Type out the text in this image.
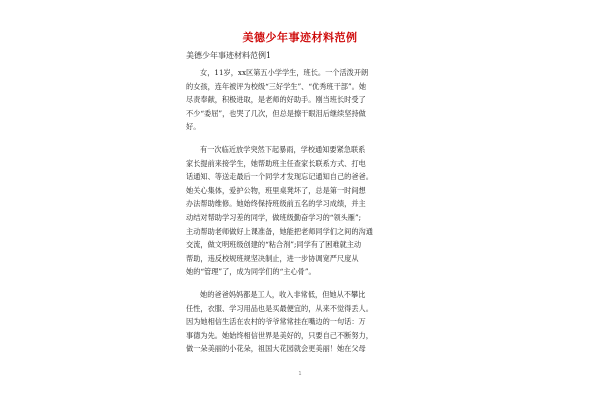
美德少年事迹材料范例
美德少年事迹材料范例1

女，11岁，xx区第五小学学生，班长。一个活泼开朗

的女孩，连年被评为校级“三好学生”、“优秀班干部”。她

尽责奉献，积极进取，是老师的好助手。刚当班长时受了

不少“委屈”，也哭了几次，但总是擦干眼泪后继续坚持做

好。

有一次临近放学突然下起暴雨，学校通知要紧急联系

家长提前来接学生，她帮助班主任查家长联系方式、打电

话通知、等送走最后一个同学才发现忘记通知自己的爸爸。

她关心集体，爱护公物，班里桌凳坏了，总是第一时间想

办法帮助维修。她始终保持班级前五名的学习成绩，并主

动结对帮助学习差的同学，做班级勤奋学习的“领头雁”;

主动帮助老师做好上课准备，她能把老师同学们之间的沟通

交流，做文明班级创建的“粘合剂”;同学有了困难就主动

帮助，违反校规班规坚决制止，进一步协调宽严尺度从

她的“管理”了，成为同学们的“主心骨”。

她的爸爸妈妈都是工人，收入非常低，但她从不攀比

任性，衣服、学习用品也是买最便宜的，从来不觉得丢人。

因为她相信生活在农村的爷爷常常挂在嘴边的一句话：万

事德为先。她始终相信世界是美好的，只要自己不断努力，

做一朵美丽的小花朵，祖国大花园就会更美丽！她在父母

1
